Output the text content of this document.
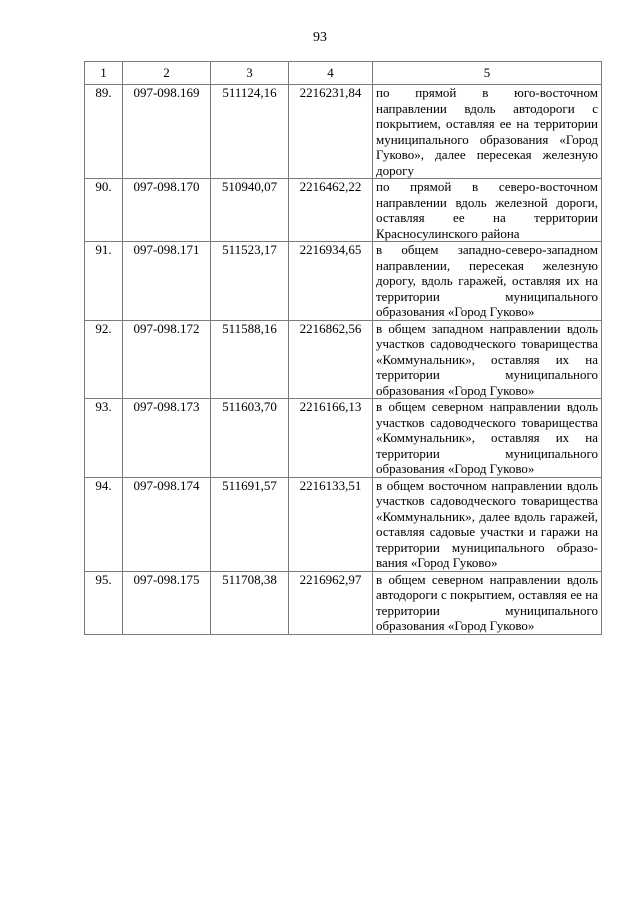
93
1	2	3	4	5
89.	097-098.169	511124,16	2216231,84	по прямой в юго-восточном направлении вдоль автодороги с покрытием, оставляя ее на территории муниципального образования «Город Гуково», далее пересекая железную дорогу
90.	097-098.170	510940,07	2216462,22	по прямой в северо-восточном направлении вдоль железной дороги, оставляя ее на территории Красносулинского района
91.	097-098.171	511523,17	2216934,65	в общем западно-северо-западном направлении, пересекая железную дорогу, вдоль гаражей, оставляя их на территории муниципального образования «Город Гуково»
92.	097-098.172	511588,16	2216862,56	в общем западном направлении вдоль участков садоводческого товарищества «Коммунальник», оставляя их на территории муниципального образования «Город Гуково»
93.	097-098.173	511603,70	2216166,13	в общем северном направлении вдоль участков садоводческого товарищества «Коммунальник», оставляя их на территории муниципального образования «Город Гуково»
94.	097-098.174	511691,57	2216133,51	в общем восточном направлении вдоль участков садоводческого товарищества «Коммунальник», далее вдоль гаражей, оставляя садовые участки и гаражи на территории муниципального образования «Город Гуково»
95.	097-098.175	511708,38	2216962,97	в общем северном направлении вдоль автодороги с покрытием, оставляя ее на территории муниципального образования «Город Гуково»
